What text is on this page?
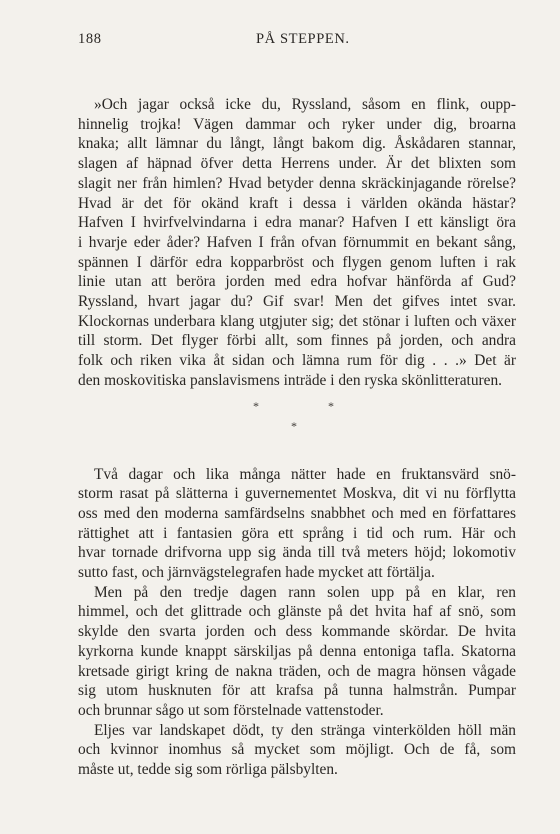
188	PÅ STEPPEN.

»Och jagar också icke du, Ryssland, såsom en flink, oupp-

hinnelig trojka! Vägen dammar och ryker under dig, broarna

knaka; allt lämnar du långt, långt bakom dig. Åskådaren stannar,

slagen af häpnad öfver detta Herrens under. Är det blixten som

slagit ner från himlen? Hvad betyder denna skräckinjagande rörelse?

Hvad är det för okänd kraft i dessa i världen okända hästar?

Hafven I hvirfvelvindarna i edra manar? Hafven I ett känsligt öra

i hvarje eder åder? Hafven I från ofvan förnummit en bekant sång,

spännen I därför edra kopparbröst och flygen genom luften i rak

linie utan att beröra jorden med edra hofvar hänförda af Gud?

Ryssland, hvart jagar du? Gif svar! Men det gifves intet svar.

Klockornas underbara klang utgjuter sig; det stönar i luften och växer

till storm. Det flyger förbi allt, som finnes på jorden, och andra

folk och riken vika åt sidan och lämna rum för dig . . .» Det är

den moskovitiska panslavismens inträde i den ryska skönlitteraturen.

*	*
*

Två dagar och lika många nätter hade en fruktansvärd snö-

storm rasat på slätterna i guvernementet Moskva, dit vi nu förflytta

oss med den moderna samfärdselns snabbhet och med en författares

rättighet att i fantasien göra ett språng i tid och rum. Här och

hvar tornade drifvorna upp sig ända till två meters höjd; lokomotiv

sutto fast, och järnvägstelegrafen hade mycket att förtälja.

Men på den tredje dagen rann solen upp på en klar, ren

himmel, och det glittrade och glänste på det hvita haf af snö, som

skylde den svarta jorden och dess kommande skördar. De hvita

kyrkorna kunde knappt särskiljas på denna entoniga tafla. Skatorna

kretsade girigt kring de nakna träden, och de magra hönsen vågade

sig utom husknuten för att krafsa på tunna halmstrån. Pumpar

och brunnar sågo ut som förstelnade vattenstoder.

Eljes var landskapet dödt, ty den stränga vinterkölden höll män

och kvinnor inomhus så mycket som möjligt. Och de få, som

måste ut, tedde sig som rörliga pälsbylten.
